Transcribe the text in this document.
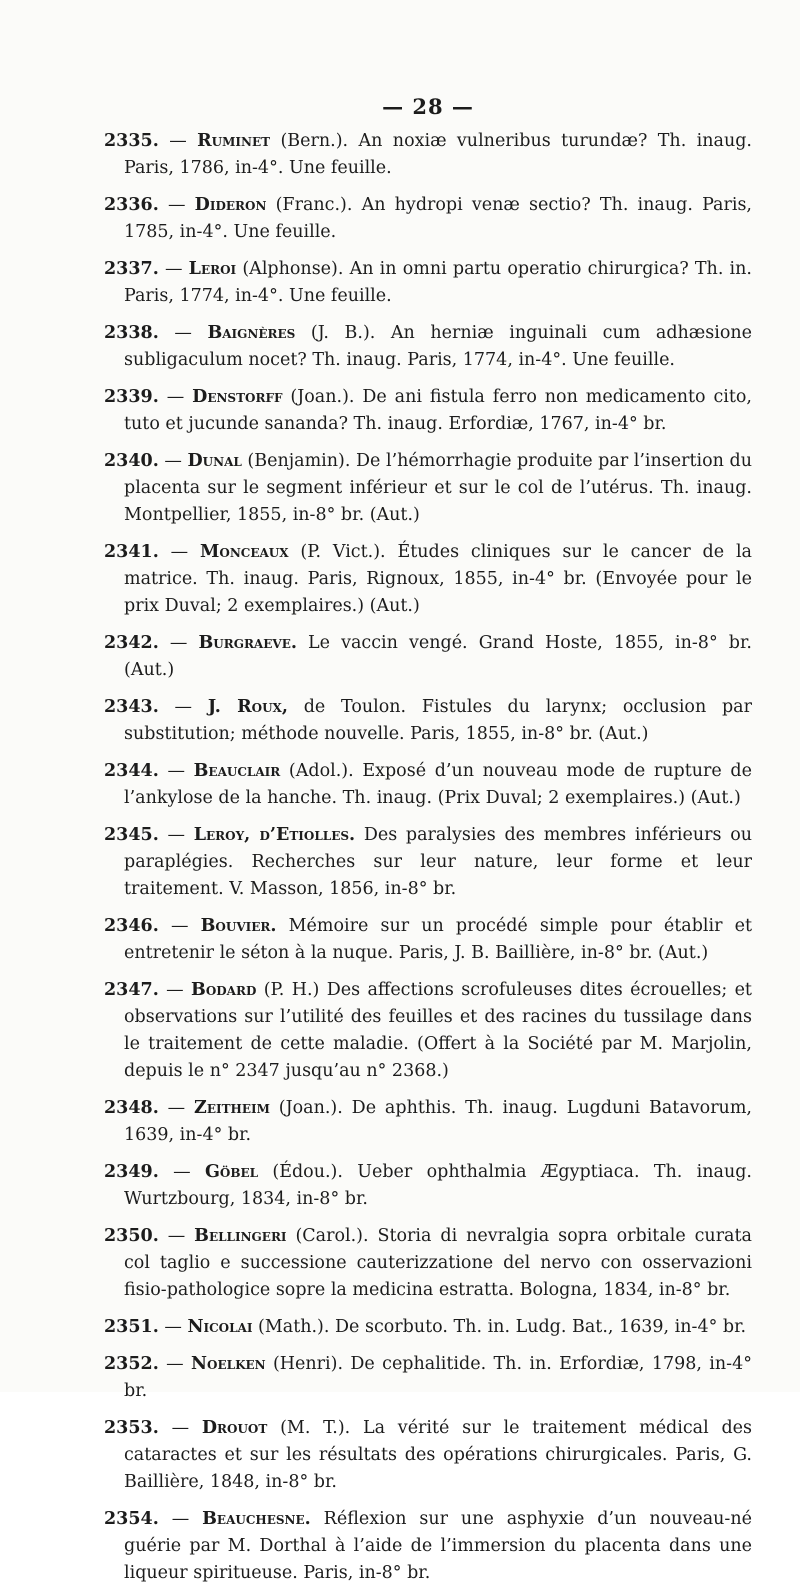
— 28 —

2335. — Ruminet (Bern.). An noxiæ vulneribus turundæ? Th. inaug. Paris, 1786, in-4°. Une feuille.

2336. — Dideron (Franc.). An hydropi venæ sectio? Th. inaug. Paris, 1785, in-4°. Une feuille.

2337. — Leroi (Alphonse). An in omni partu operatio chirurgica? Th. in. Paris, 1774, in-4°. Une feuille.

2338. — Baignères (J. B.). An herniæ inguinali cum adhæsione subligaculum nocet? Th. inaug. Paris, 1774, in-4°. Une feuille.

2339. — Denstorff (Joan.). De ani fistula ferro non medicamento cito, tuto et jucunde sananda? Th. inaug. Erfordiæ, 1767, in-4° br.

2340. — Dunal (Benjamin). De l’hémorrhagie produite par l’insertion du placenta sur le segment inférieur et sur le col de l’utérus. Th. inaug. Montpellier, 1855, in-8° br. (Aut.)

2341. — Monceaux (P. Vict.). Études cliniques sur le cancer de la matrice. Th. inaug. Paris, Rignoux, 1855, in-4° br. (Envoyée pour le prix Duval; 2 exemplaires.) (Aut.)

2342. — Burgraeve. Le vaccin vengé. Grand Hoste, 1855, in-8° br. (Aut.)

2343. — J. Roux, de Toulon. Fistules du larynx; occlusion par substitution; méthode nouvelle. Paris, 1855, in-8° br. (Aut.)

2344. — Beauclair (Adol.). Exposé d’un nouveau mode de rupture de l’ankylose de la hanche. Th. inaug. (Prix Duval; 2 exemplaires.) (Aut.)

2345. — Leroy, d’Etiolles. Des paralysies des membres inférieurs ou paraplégies. Recherches sur leur nature, leur forme et leur traitement. V. Masson, 1856, in-8° br.

2346. — Bouvier. Mémoire sur un procédé simple pour établir et entretenir le séton à la nuque. Paris, J. B. Baillière, in-8° br. (Aut.)

2347. — Bodard (P. H.) Des affections scrofuleuses dites écrouelles; et observations sur l’utilité des feuilles et des racines du tussilage dans le traitement de cette maladie. (Offert à la Société par M. Marjolin, depuis le n° 2347 jusqu’au n° 2368.)

2348. — Zeitheim (Joan.). De aphthis. Th. inaug. Lugduni Batavorum, 1639, in-4° br.

2349. — Göbel (Édou.). Ueber ophthalmia Ægyptiaca. Th. inaug. Wurtzbourg, 1834, in-8° br.

2350. — Bellingeri (Carol.). Storia di nevralgia sopra orbitale curata col taglio e successione cauterizzatione del nervo con osservazioni fisio-pathologice sopre la medicina estratta. Bologna, 1834, in-8° br.

2351. — Nicolai (Math.). De scorbuto. Th. in. Ludg. Bat., 1639, in-4° br.

2352. — Noelken (Henri). De cephalitide. Th. in. Erfordiæ, 1798, in-4° br.

2353. — Drouot (M. T.). La vérité sur le traitement médical des cataractes et sur les résultats des opérations chirurgicales. Paris, G. Baillière, 1848, in-8° br.

2354. — Beauchesne. Réflexion sur une asphyxie d’un nouveau-né guérie par M. Dorthal à l’aide de l’immersion du placenta dans une liqueur spiritueuse. Paris, in-8° br.
